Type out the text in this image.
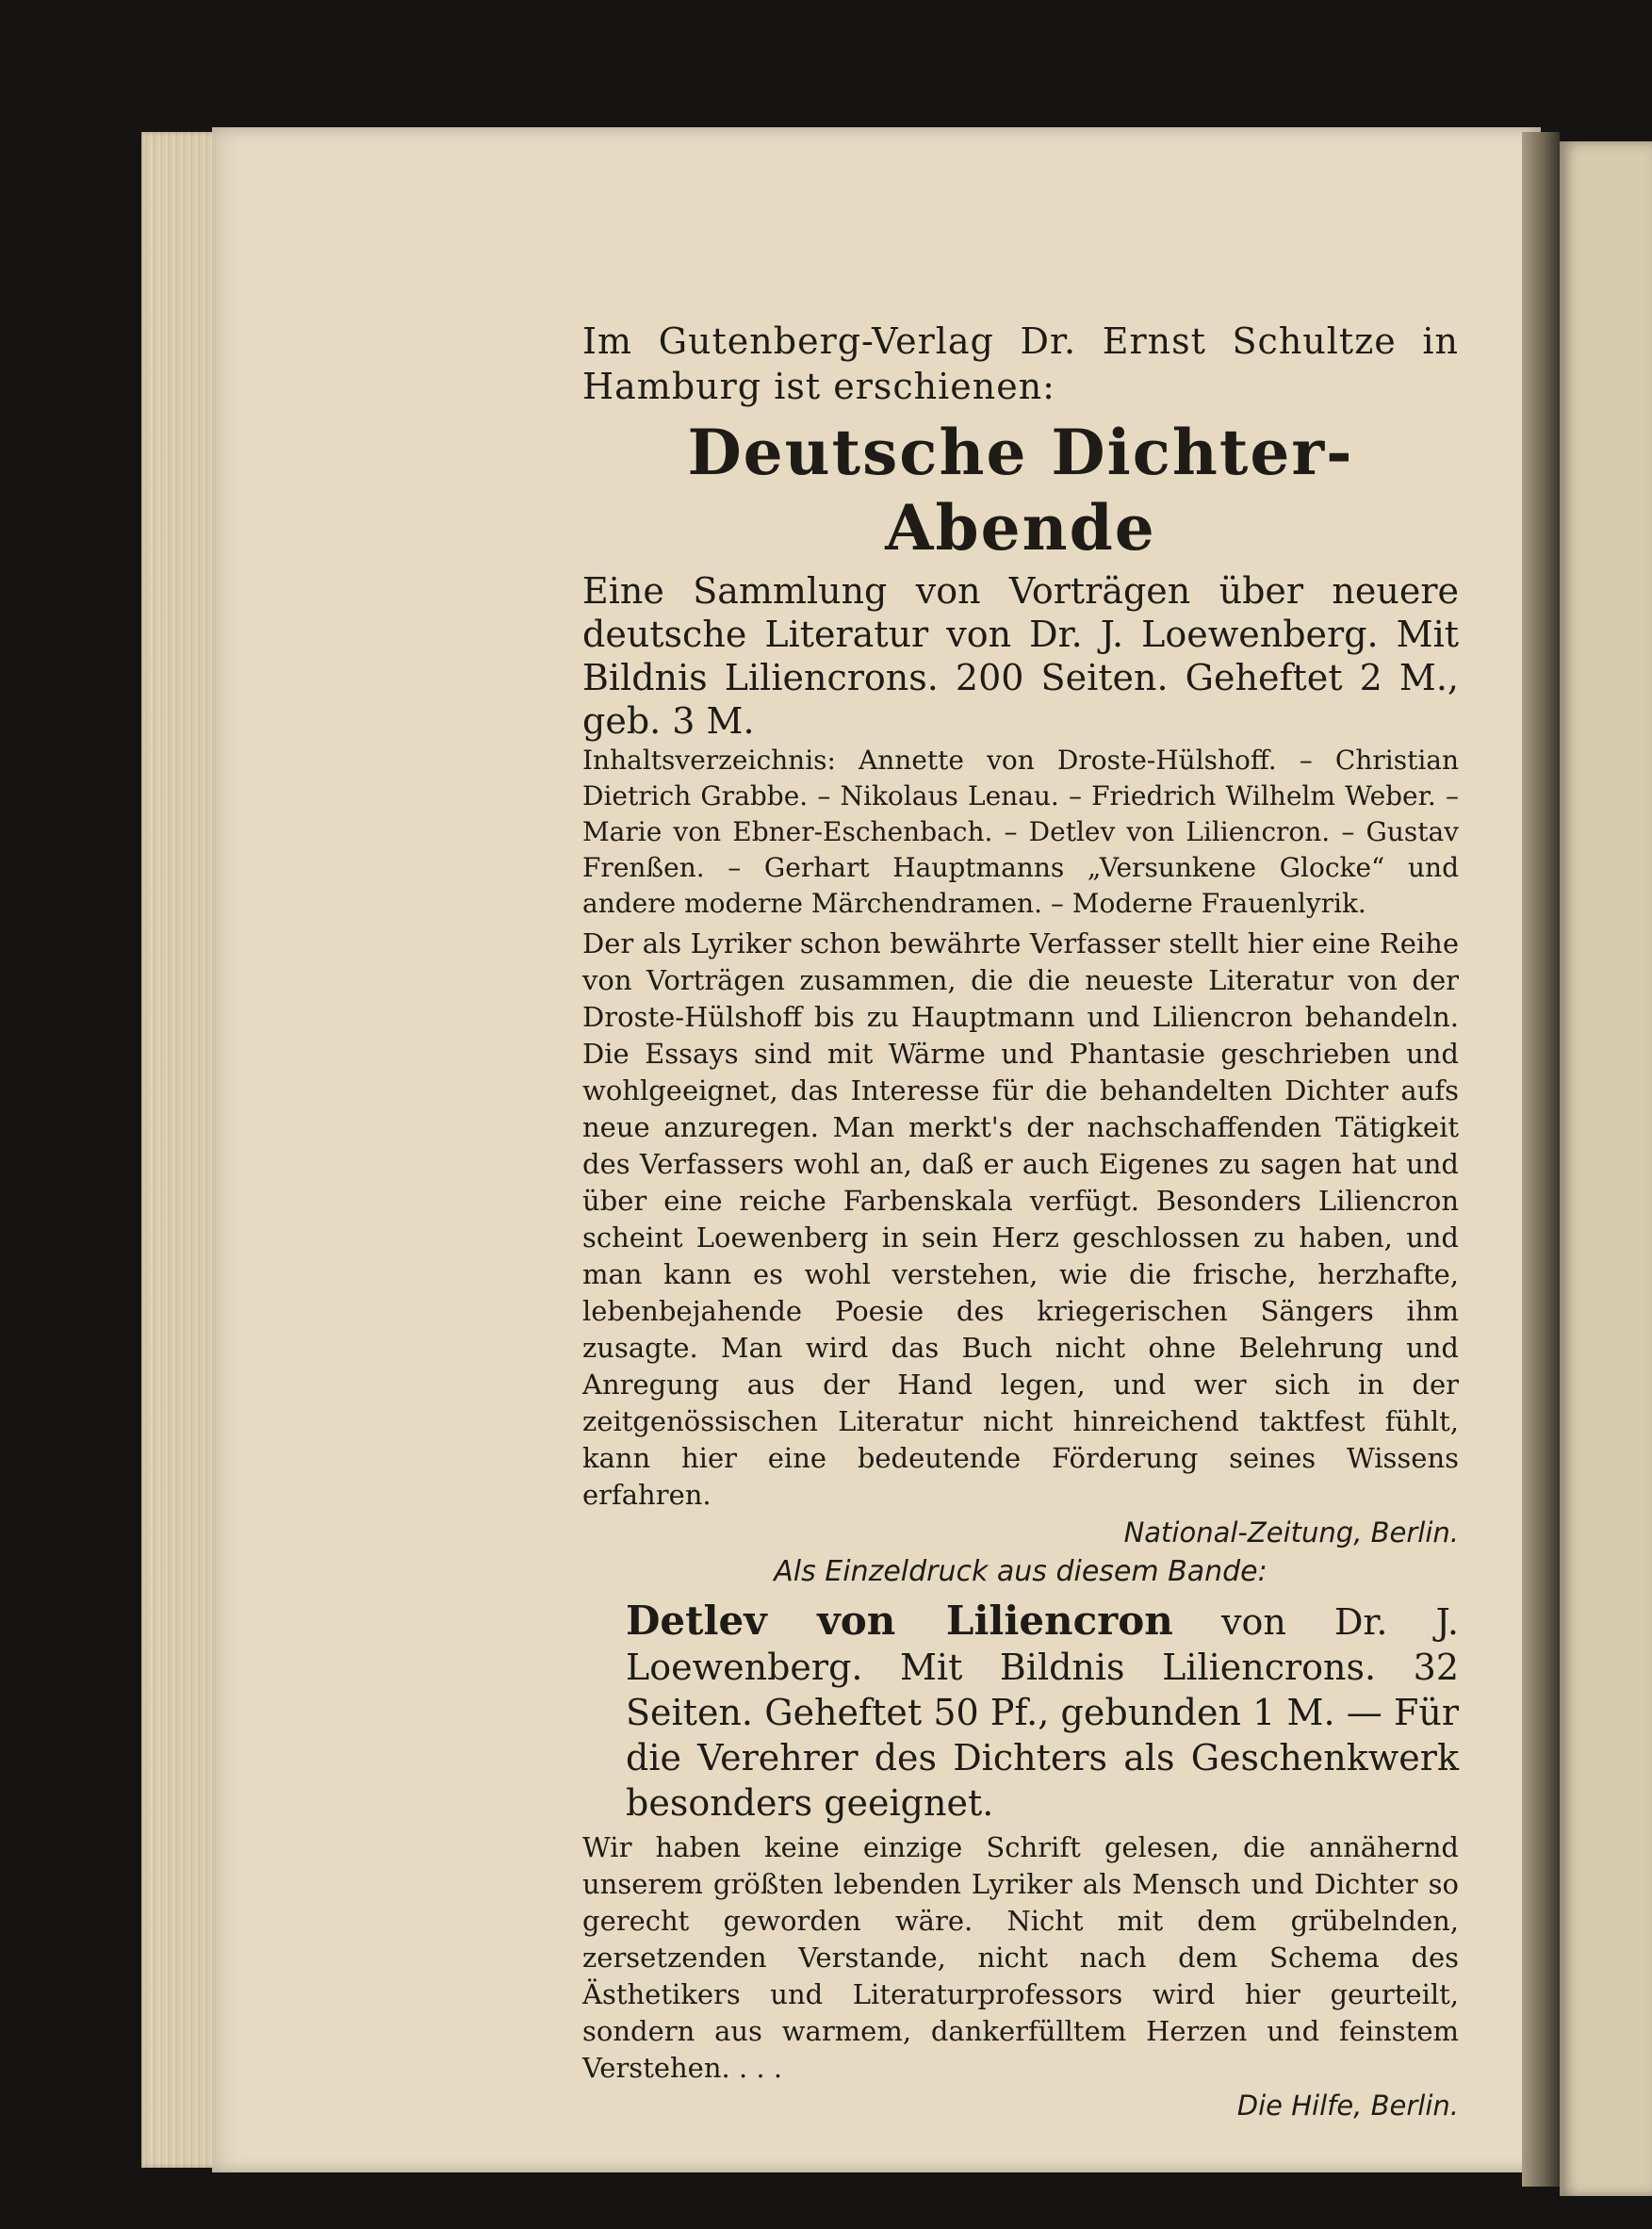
Im Gutenberg-Verlag Dr. Ernst Schultze in Hamburg ist erschienen:

Deutsche Dichter-Abende

Eine Sammlung von Vorträgen über neuere deutsche Literatur von Dr. J. Loewenberg. Mit Bildnis Liliencrons. 200 Seiten. Geheftet 2 M., geb. 3 M.

Inhaltsverzeichnis: Annette von Droste-Hülshoff. – Christian Dietrich Grabbe. – Nikolaus Lenau. – Friedrich Wilhelm Weber. – Marie von Ebner-Eschenbach. – Detlev von Liliencron. – Gustav Frenßen. – Gerhart Hauptmanns „Versunkene Glocke“ und andere moderne Märchendramen. – Moderne Frauenlyrik.

Der als Lyriker schon bewährte Verfasser stellt hier eine Reihe von Vorträgen zusammen, die die neueste Literatur von der Droste-Hülshoff bis zu Hauptmann und Liliencron behandeln. Die Essays sind mit Wärme und Phantasie geschrieben und wohlgeeignet, das Interesse für die behandelten Dichter aufs neue anzuregen. Man merkt's der nachschaffenden Tätigkeit des Verfassers wohl an, daß er auch Eigenes zu sagen hat und über eine reiche Farbenskala verfügt. Besonders Liliencron scheint Loewenberg in sein Herz geschlossen zu haben, und man kann es wohl verstehen, wie die frische, herzhafte, lebenbejahende Poesie des kriegerischen Sängers ihm zusagte. Man wird das Buch nicht ohne Belehrung und Anregung aus der Hand legen, und wer sich in der zeitgenössischen Literatur nicht hinreichend taktfest fühlt, kann hier eine bedeutende Förderung seines Wissens erfahren.

National-Zeitung, Berlin.

Als Einzeldruck aus diesem Bande:

Detlev von Liliencron von Dr. J. Loewenberg. Mit Bildnis Liliencrons. 32 Seiten. Geheftet 50 Pf., gebunden 1 M. — Für die Verehrer des Dichters als Geschenkwerk besonders geeignet.

Wir haben keine einzige Schrift gelesen, die annähernd unserem größten lebenden Lyriker als Mensch und Dichter so gerecht geworden wäre. Nicht mit dem grübelnden, zersetzenden Verstande, nicht nach dem Schema des Ästhetikers und Literaturprofessors wird hier geurteilt, sondern aus warmem, dankerfülltem Herzen und feinstem Verstehen. . . .

Die Hilfe, Berlin.
